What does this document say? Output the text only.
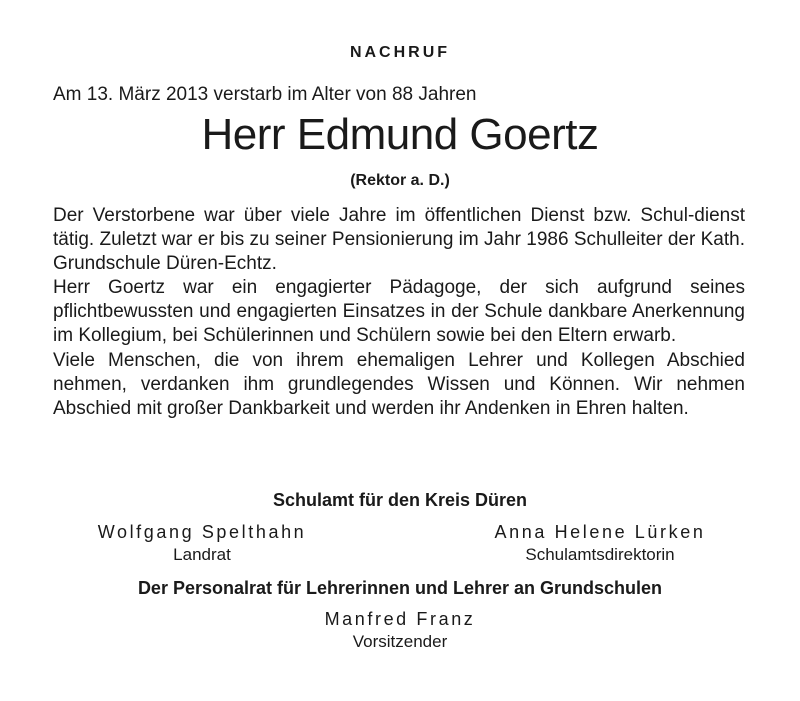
NACHRUF
Am 13. März 2013 verstarb im Alter von 88 Jahren
Herr Edmund Goertz
(Rektor a. D.)

Der Verstorbene war über viele Jahre im öffentlichen Dienst bzw. Schul-dienst tätig. Zuletzt war er bis zu seiner Pensionierung im Jahr 1986 Schulleiter der Kath. Grundschule Düren-Echtz.

Herr Goertz war ein engagierter Pädagoge, der sich aufgrund seines pflichtbewussten und engagierten Einsatzes in der Schule dankbare Anerkennung im Kollegium, bei Schülerinnen und Schülern sowie bei den Eltern erwarb.

Viele Menschen, die von ihrem ehemaligen Lehrer und Kollegen Abschied nehmen, verdanken ihm grundlegendes Wissen und Können. Wir nehmen Abschied mit großer Dankbarkeit und werden ihr Andenken in Ehren halten.

Schulamt für den Kreis Düren
Wolfgang Spelthahn
Landrat
Anna Helene Lürken
Schulamtsdirektorin
Der Personalrat für Lehrerinnen und Lehrer an Grundschulen
Manfred Franz
Vorsitzender
